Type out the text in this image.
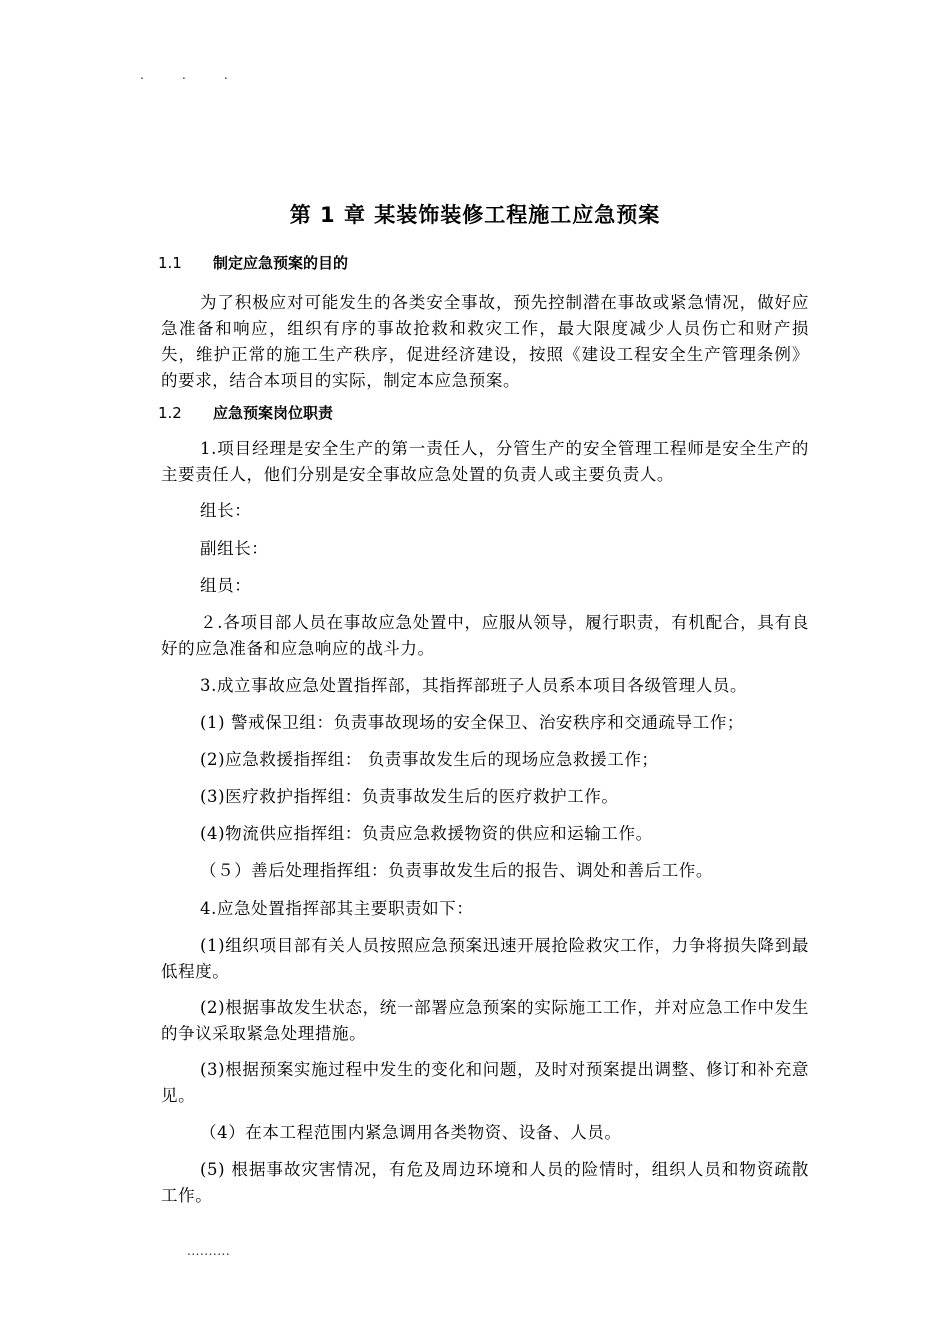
.          .          .
第 1 章 某装饰装修工程施工应急预案
1.1 制定应急预案的目的
为了积极应对可能发生的各类安全事故，预先控制潜在事故或紧急情况，做好应急准备和响应，组织有序的事故抢救和救灾工作，最大限度减少人员伤亡和财产损失，维护正常的施工生产秩序，促进经济建设，按照《建设工程安全生产管理条例》的要求，结合本项目的实际，制定本应急预案。
1.2 应急预案岗位职责
1.项目经理是安全生产的第一责任人，分管生产的安全管理工程师是安全生产的主要责任人，他们分别是安全事故应急处置的负责人或主要负责人。
组长：
副组长：
组员：
２.各项目部人员在事故应急处置中，应服从领导，履行职责，有机配合，具有良好的应急准备和应急响应的战斗力。
3.成立事故应急处置指挥部，其指挥部班子人员系本项目各级管理人员。
(1) 警戒保卫组：负责事故现场的安全保卫、治安秩序和交通疏导工作；
(2)应急救援指挥组： 负责事故发生后的现场应急救援工作；
(3)医疗救护指挥组：负责事故发生后的医疗救护工作。
(4)物流供应指挥组：负责应急救援物资的供应和运输工作。
（５）善后处理指挥组：负责事故发生后的报告、调处和善后工作。
4.应急处置指挥部其主要职责如下：
(1)组织项目部有关人员按照应急预案迅速开展抢险救灾工作，力争将损失降到最低程度。
(2)根据事故发生状态，统一部署应急预案的实际施工工作，并对应急工作中发生的争议采取紧急处理措施。
(3)根据预案实施过程中发生的变化和问题，及时对预案提出调整、修订和补充意见。
（4）在本工程范围内紧急调用各类物资、设备、人员。
(5) 根据事故灾害情况，有危及周边环境和人员的险情时，组织人员和物资疏散工作。
..........
